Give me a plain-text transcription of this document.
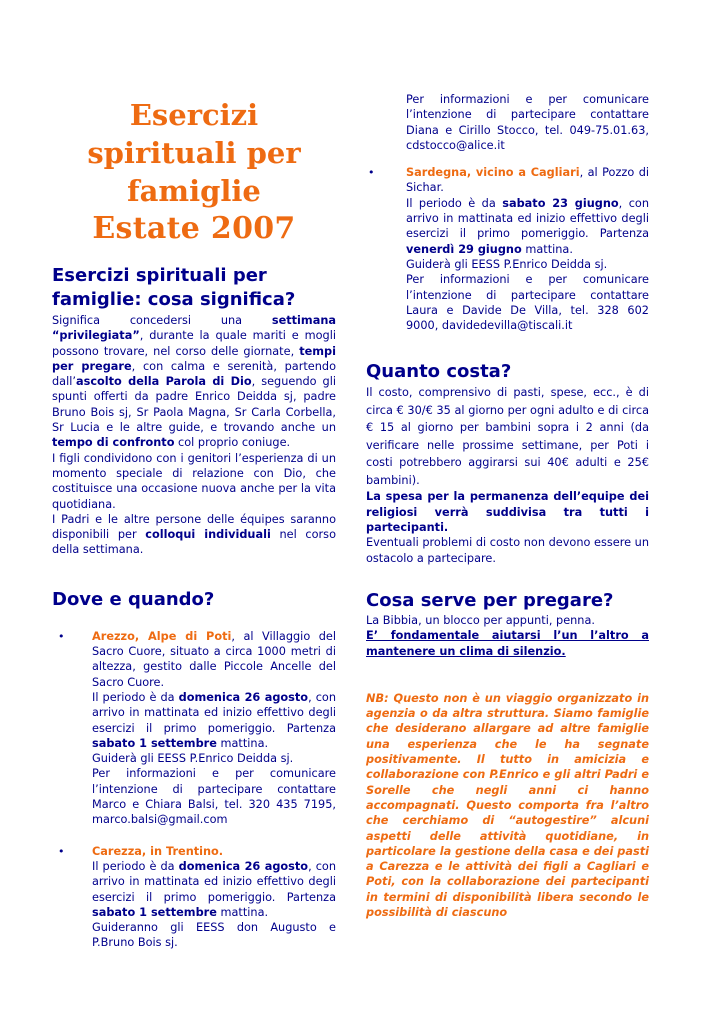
Esercizi
spirituali per
famiglie
Estate 2007
Esercizi spirituali per famiglie: cosa significa?

Significa concedersi una settimana “privilegiata”, durante la quale mariti e mogli possono trovare, nel corso delle giornate, tempi per pregare, con calma e serenità, partendo dall’ascolto della Parola di Dio, seguendo gli spunti offerti da padre Enrico Deidda sj, padre Bruno Bois sj, Sr Paola Magna, Sr Carla Corbella, Sr Lucia e le altre guide, e trovando anche un tempo di confronto col proprio coniuge.

I figli condividono con i genitori l’esperienza di un momento speciale di relazione con Dio, che costituisce una occasione nuova anche per la vita quotidiana.

I Padri e le altre persone delle équipes saranno disponibili per colloqui individuali nel corso della settimana.

Dove e quando?
• Arezzo, Alpe di Poti, al Villaggio del Sacro Cuore, situato a circa 1000 metri di altezza, gestito dalle Piccole Ancelle del Sacro Cuore.

Il periodo è da domenica 26 agosto, con arrivo in mattinata ed inizio effettivo degli esercizi il primo pomeriggio. Partenza sabato 1 settembre mattina.

Guiderà gli EESS P.Enrico Deidda sj.

Per informazioni e per comunicare l’intenzione di partecipare contattare Marco e Chiara Balsi, tel. 320 435 7195, marco.balsi@gmail.com

• Carezza, in Trentino.

Il periodo è da domenica 26 agosto, con arrivo in mattinata ed inizio effettivo degli esercizi il primo pomeriggio. Partenza sabato 1 settembre mattina.

Guideranno gli EESS don Augusto e P.Bruno Bois sj.

Per informazioni e per comunicare l’intenzione di partecipare contattare Diana e Cirillo Stocco, tel. 049-75.01.63, cdstocco@alice.it

•	Sardegna, vicino a Cagliari, al Pozzo di Sichar.

Il periodo è da sabato 23 giugno, con arrivo in mattinata ed inizio effettivo degli esercizi il primo pomeriggio. Partenza venerdì 29 giugno mattina.

Guiderà gli EESS P.Enrico Deidda sj.

Per informazioni e per comunicare l’intenzione di partecipare contattare Laura e Davide De Villa, tel. 328 602 9000, davidedevilla@tiscali.it

Quanto costa?

Il costo, comprensivo di pasti, spese, ecc., è di circa € 30/€ 35 al giorno per ogni adulto e di circa € 15 al giorno per bambini sopra i 2 anni (da verificare nelle prossime settimane, per Poti i costi potrebbero aggirarsi sui 40€ adulti e 25€ bambini).

La spesa per la permanenza dell’equipe dei religiosi verrà suddivisa tra tutti i partecipanti.

Eventuali problemi di costo non devono essere un ostacolo a partecipare.

Cosa serve per pregare?

La Bibbia, un blocco per appunti, penna.

E’ fondamentale aiutarsi l’un l’altro a mantenere un clima di silenzio.

NB: Questo non è un viaggio organizzato in agenzia o da altra struttura. Siamo famiglie che desiderano allargare ad altre famiglie una esperienza che le ha segnate positivamente. Il tutto in amicizia e collaborazione con P.Enrico e gli altri Padri e Sorelle che negli anni ci hanno accompagnati. Questo comporta fra l’altro che cerchiamo di “autogestire” alcuni aspetti delle attività quotidiane, in particolare la gestione della casa e dei pasti a Carezza e le attività dei figli a Cagliari e Poti, con la collaborazione dei partecipanti in termini di disponibilità libera secondo le possibilità di ciascuno
